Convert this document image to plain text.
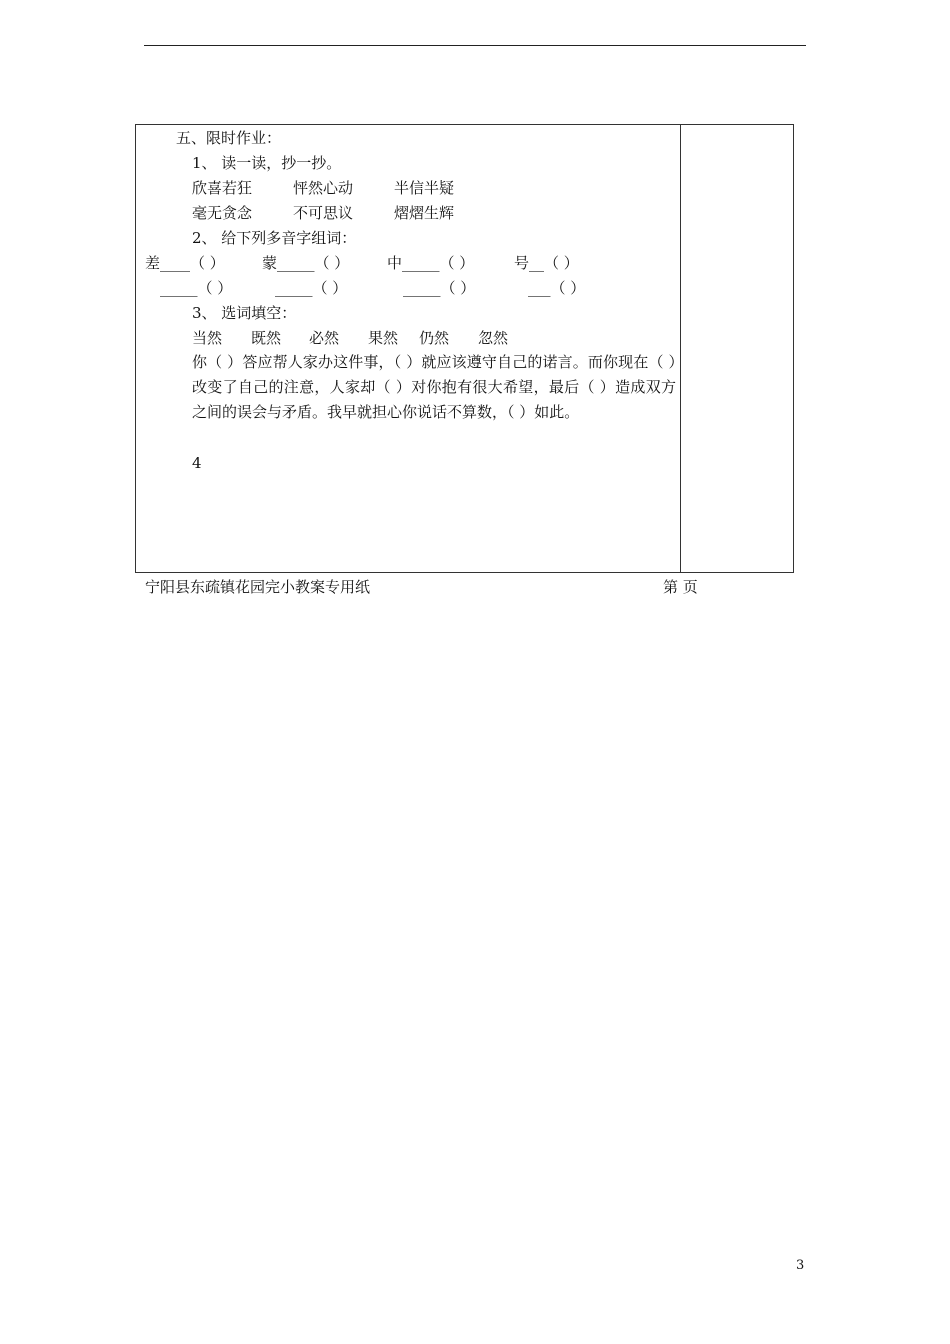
五、限时作业：
1、 读一读，抄一抄。
欣喜若狂	怦然心动	半信半疑
毫无贪念	不可思议	熠熠生辉
2、 给下列多音字组词：
差____（ ） 蒙_____（ ）	中_____（ ）	号__（ ）
_____（ ）	_____（ ）	_____（ ）	___（ ）
3、 选词填空：
当然 既然 必然 果然 仍然 忽然
你（ ）答应帮人家办这件事，（ ）就应该遵守自己的诺言。而你现在（ ）改变了自己的注意，人家却（ ）对你抱有很大希望，最后（ ）造成双方之间的误会与矛盾。我早就担心你说话不算数，（ ）如此。
4
宁阳县东疏镇花园完小教案专用纸	第 页
3
